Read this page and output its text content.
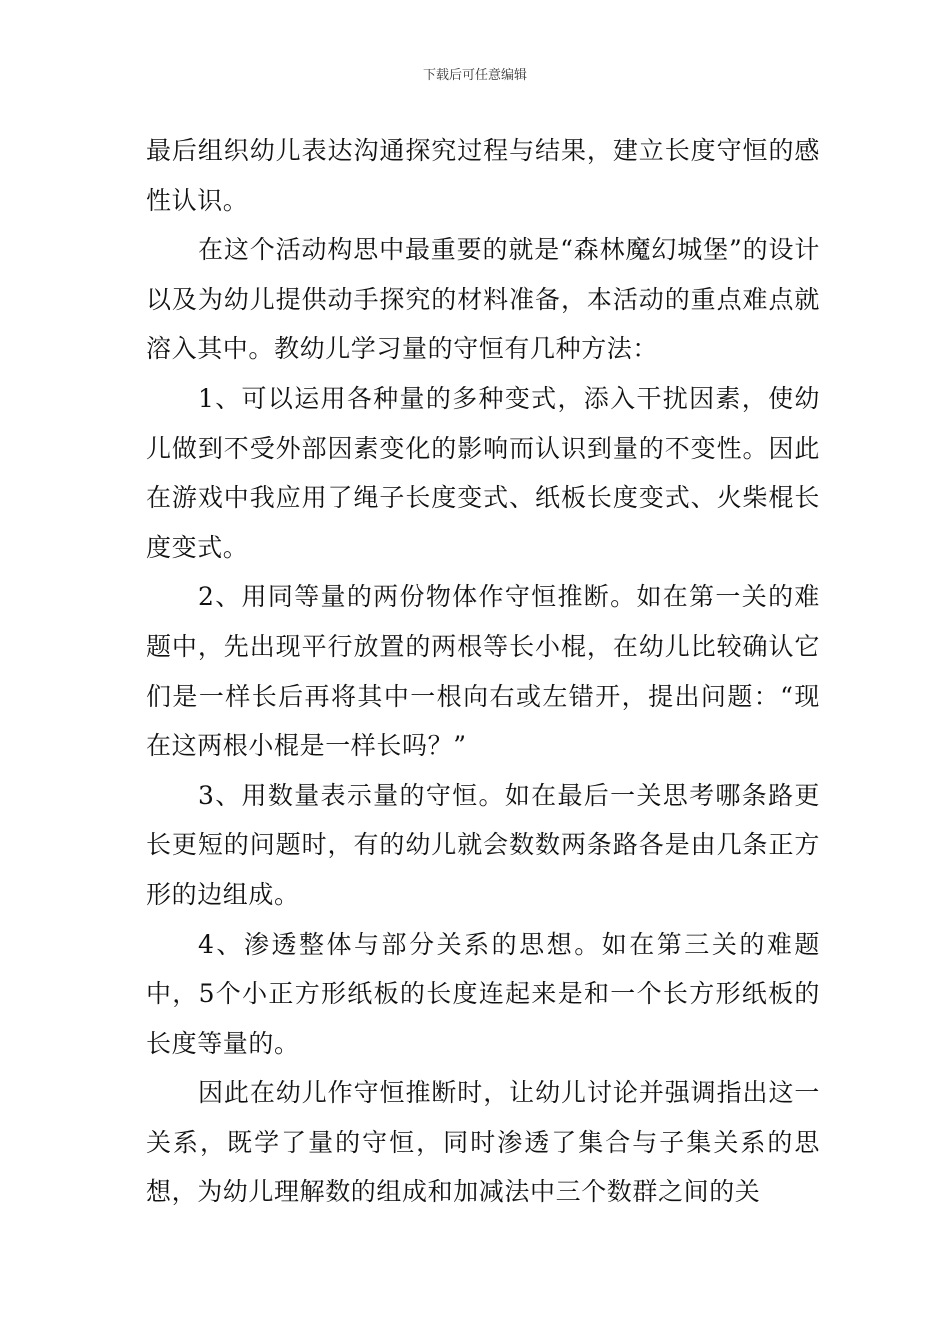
下载后可任意编辑

最后组织幼儿表达沟通探究过程与结果，建立长度守恒的感性认识。

在这个活动构思中最重要的就是“森林魔幻城堡”的设计以及为幼儿提供动手探究的材料准备，本活动的重点难点就溶入其中。教幼儿学习量的守恒有几种方法：

1、可以运用各种量的多种变式，添入干扰因素，使幼儿做到不受外部因素变化的影响而认识到量的不变性。因此在游戏中我应用了绳子长度变式、纸板长度变式、火柴棍长度变式。

2、用同等量的两份物体作守恒推断。如在第一关的难题中，先出现平行放置的两根等长小棍，在幼儿比较确认它们是一样长后再将其中一根向右或左错开，提出问题：“现在这两根小棍是一样长吗？”

3、用数量表示量的守恒。如在最后一关思考哪条路更长更短的问题时，有的幼儿就会数数两条路各是由几条正方形的边组成。

4、渗透整体与部分关系的思想。如在第三关的难题中，5个小正方形纸板的长度连起来是和一个长方形纸板的长度等量的。

因此在幼儿作守恒推断时，让幼儿讨论并强调指出这一关系，既学了量的守恒，同时渗透了集合与子集关系的思想，为幼儿理解数的组成和加减法中三个数群之间的关
